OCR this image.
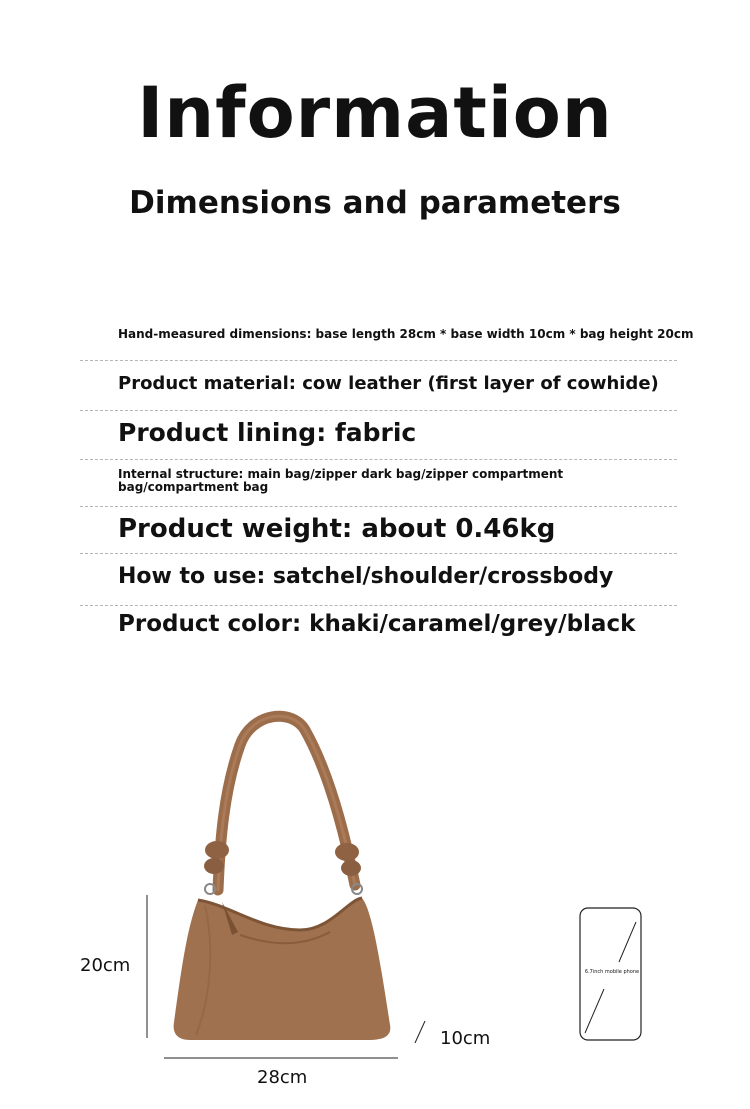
Information
Dimensions and parameters
Hand-measured dimensions: base length 28cm * base width 10cm * bag height 20cm
Product material: cow leather (first layer of cowhide)
Product lining: fabric
Internal structure: main bag/zipper dark bag/zipper compartment bag/compartment bag
Product weight: about 0.46kg
How to use: satchel/shoulder/crossbody
Product color: khaki/caramel/grey/black
20cm
28cm
10cm
6.7inch mobile phone
